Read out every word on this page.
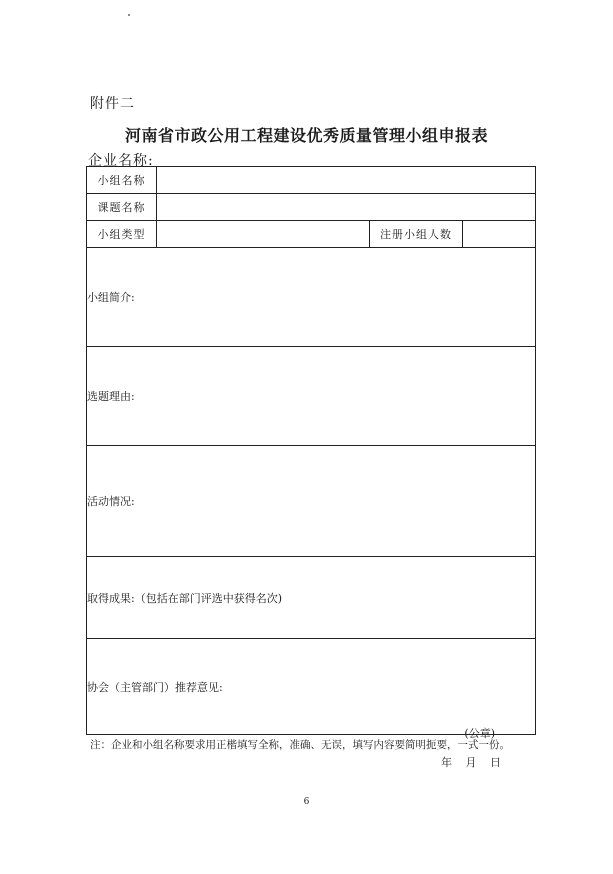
附件二
河南省市政公用工程建设优秀质量管理小组申报表
企业名称:
小组名称			
课题名称			
小组类型		注册小组人数	

小组简介:			

选题理由:			

活动情况:			

取得成果:（包括在部门评选中获得名次)			

协会（主管部门）推荐意见:
(公章)
年 月 日			
注：企业和小组名称要求用正楷填写全称，准确、无误，填写内容要简明扼要，一式一份。
6
